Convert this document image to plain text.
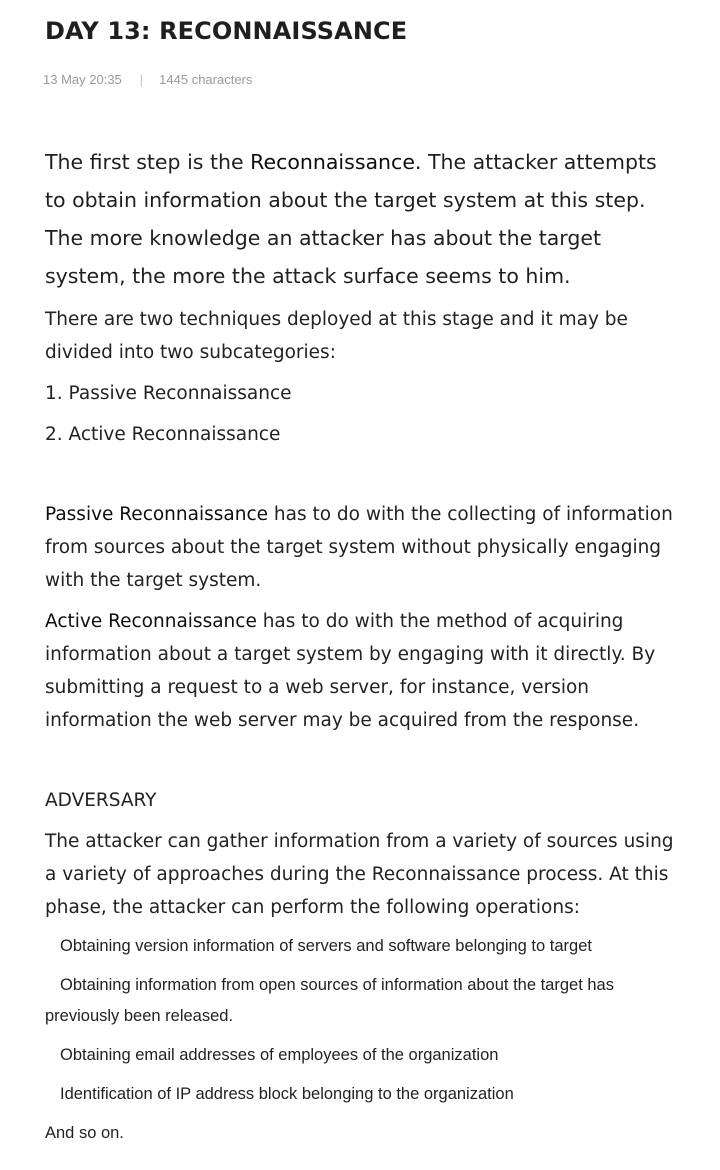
DAY 13: RECONNAISSANCE
13 May 20:35 | 1445 characters

The first step is the Reconnaissance. The attacker attempts to obtain information about the target system at this step. The more knowledge an attacker has about the target system, the more the attack surface seems to him.

There are two techniques deployed at this stage and it may be divided into two subcategories:

1. Passive Reconnaissance

2. Active Reconnaissance

Passive Reconnaissance has to do with the collecting of information from sources about the target system without physically engaging with the target system.

Active Reconnaissance has to do with the method of acquiring information about a target system by engaging with it directly. By submitting a request to a web server, for instance, version information the web server may be acquired from the response.

ADVERSARY

The attacker can gather information from a variety of sources using a variety of approaches during the Reconnaissance process. At this phase, the attacker can perform the following operations:

Obtaining version information of servers and software belonging to target

Obtaining information from open sources of information about the target has previously been released.

Obtaining email addresses of employees of the organization

Identification of IP address block belonging to the organization

And so on.
